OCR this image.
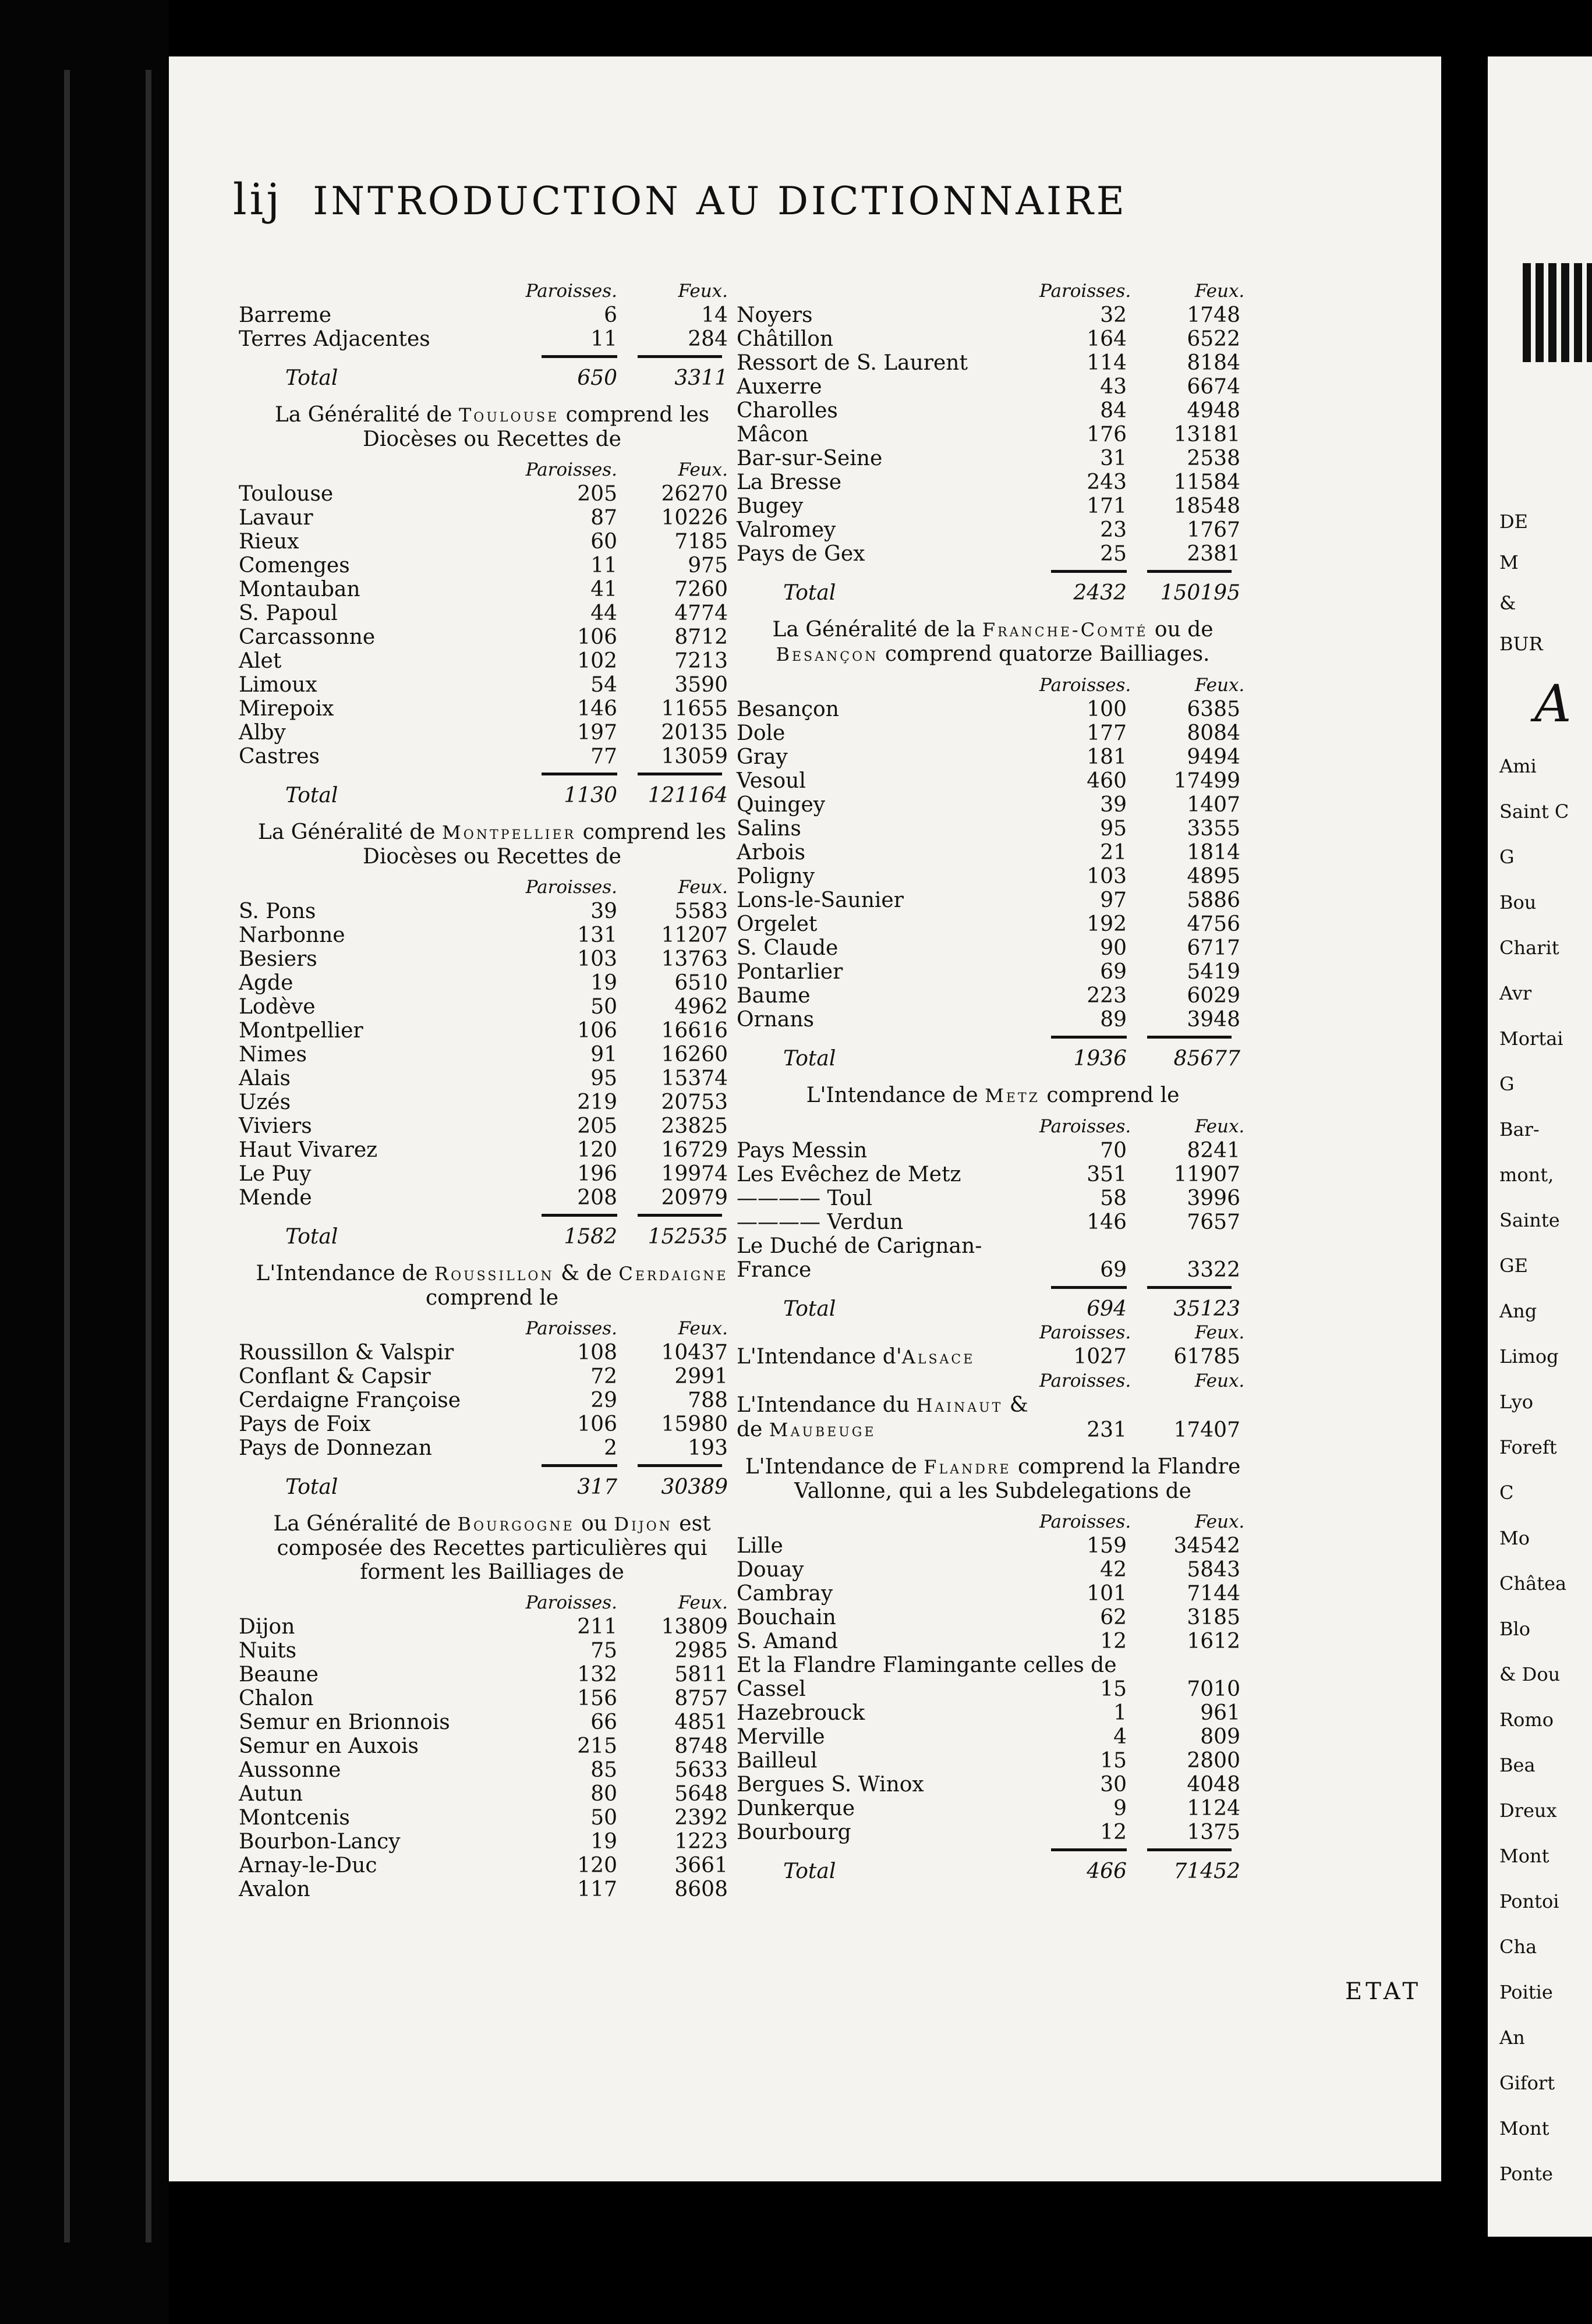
lij INTRODUCTION AU DICTIONNAIRE
Paroisses.	Feux.
Barreme	6	14
Terres Adjacentes	11	284
Total	650	3311
La Généralité de Toulouse comprend les Diocèses ou Recettes de
Paroisses.	Feux.
Toulouse	205	26270
Lavaur	87	10226
Rieux	60	7185
Comenges	11	975
Montauban	41	7260
S. Papoul	44	4774
Carcassonne	106	8712
Alet	102	7213
Limoux	54	3590
Mirepoix	146	11655
Alby	197	20135
Castres	77	13059
Total	1130	121164
La Généralité de Montpellier comprend les Diocèses ou Recettes de
Paroisses.	Feux.
S. Pons	39	5583
Narbonne	131	11207
Besiers	103	13763
Agde	19	6510
Lodève	50	4962
Montpellier	106	16616
Nimes	91	16260
Alais	95	15374
Uzés	219	20753
Viviers	205	23825
Haut Vivarez	120	16729
Le Puy	196	19974
Mende	208	20979
Total	1582	152535
L'Intendance de Roussillon & de Cerdaigne comprend le
Paroisses.	Feux.
Roussillon & Valspir	108	10437
Conflant & Capsir	72	2991
Cerdaigne Françoise	29	788
Pays de Foix	106	15980
Pays de Donnezan	2	193
Total	317	30389
La Généralité de Bourgogne ou Dijon est composée des Recettes particulières qui forment les Bailliages de
Paroisses.	Feux.
Dijon	211	13809
Nuits	75	2985
Beaune	132	5811
Chalon	156	8757
Semur en Brionnois	66	4851
Semur en Auxois	215	8748
Aussonne	85	5633
Autun	80	5648
Montcenis	50	2392
Bourbon-Lancy	19	1223
Arnay-le-Duc	120	3661
Avalon	117	8608
Paroisses.	Feux.
Noyers	32	1748
Châtillon	164	6522
Ressort de S. Laurent	114	8184
Auxerre	43	6674
Charolles	84	4948
Mâcon	176	13181
Bar-sur-Seine	31	2538
La Bresse	243	11584
Bugey	171	18548
Valromey	23	1767
Pays de Gex	25	2381
Total	2432	150195
La Généralité de la Franche-Comté ou de Besançon comprend quatorze Bailliages.
Paroisses.	Feux.
Besançon	100	6385
Dole	177	8084
Gray	181	9494
Vesoul	460	17499
Quingey	39	1407
Salins	95	3355
Arbois	21	1814
Poligny	103	4895
Lons-le-Saunier	97	5886
Orgelet	192	4756
S. Claude	90	6717
Pontarlier	69	5419
Baume	223	6029
Ornans	89	3948
Total	1936	85677
L'Intendance de Metz comprend le
Paroisses.	Feux.
Pays Messin	70	8241
Les Evêchez de Metz	351	11907
———— Toul	58	3996
———— Verdun	146	7657
Le Duché de Carignan-
France	69	3322
Total	694	35123
Paroisses.	Feux.
L'Intendance d'Alsace	1027	61785
Paroisses.	Feux.
L'Intendance du Hainaut & de Maubeuge	231	17407
L'Intendance de Flandre comprend la Flandre Vallonne, qui a les Subdelegations de
Paroisses.	Feux.
Lille	159	34542
Douay	42	5843
Cambray	101	7144
Bouchain	62	3185
S. Amand	12	1612
Et la Flandre Flamingante celles de
Cassel	15	7010
Hazebrouck	1	961
Merville	4	809
Bailleul	15	2800
Bergues S. Winox	30	4048
Dunkerque	9	1124
Bourbourg	12	1375
Total	466	71452
ETAT
DE
M
&
BUR
A
Ami
Saint C
G
Bou
Charit
Avr
Mortai
G
Bar-
mont,
Sainte
GE
Ang
Limog
Lyo
Foreft
C
Mo
Châtea
Blo
& Dou
Romo
Bea
Dreux
Mont
Pontoi
Cha
Poitie
An
Gifort
Mont
Ponte
